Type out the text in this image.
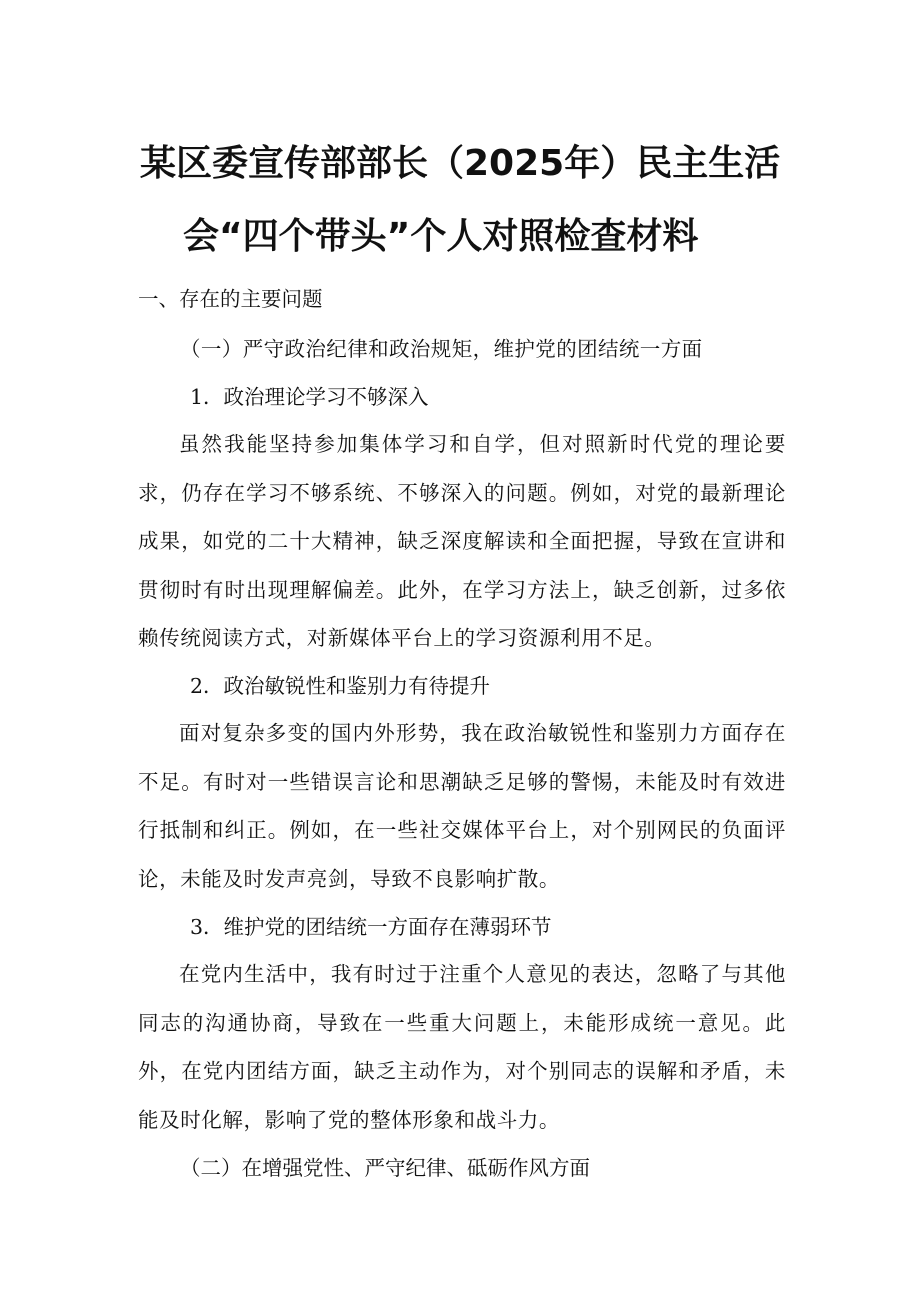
某区委宣传部部长（2025年）民主生活
会“四个带头”个人对照检查材料
一、存在的主要问题
（一）严守政治纪律和政治规矩，维护党的团结统一方面
1．政治理论学习不够深入
虽然我能坚持参加集体学习和自学，但对照新时代党的理论要求，仍存在学习不够系统、不够深入的问题。例如，对党的最新理论成果，如党的二十大精神，缺乏深度解读和全面把握，导致在宣讲和贯彻时有时出现理解偏差。此外，在学习方法上，缺乏创新，过多依赖传统阅读方式，对新媒体平台上的学习资源利用不足。
2．政治敏锐性和鉴别力有待提升
面对复杂多变的国内外形势，我在政治敏锐性和鉴别力方面存在不足。有时对一些错误言论和思潮缺乏足够的警惕，未能及时有效进行抵制和纠正。例如，在一些社交媒体平台上，对个别网民的负面评论，未能及时发声亮剑，导致不良影响扩散。
3．维护党的团结统一方面存在薄弱环节
在党内生活中，我有时过于注重个人意见的表达，忽略了与其他同志的沟通协商，导致在一些重大问题上，未能形成统一意见。此外，在党内团结方面，缺乏主动作为，对个别同志的误解和矛盾，未能及时化解，影响了党的整体形象和战斗力。
（二）在增强党性、严守纪律、砥砺作风方面
